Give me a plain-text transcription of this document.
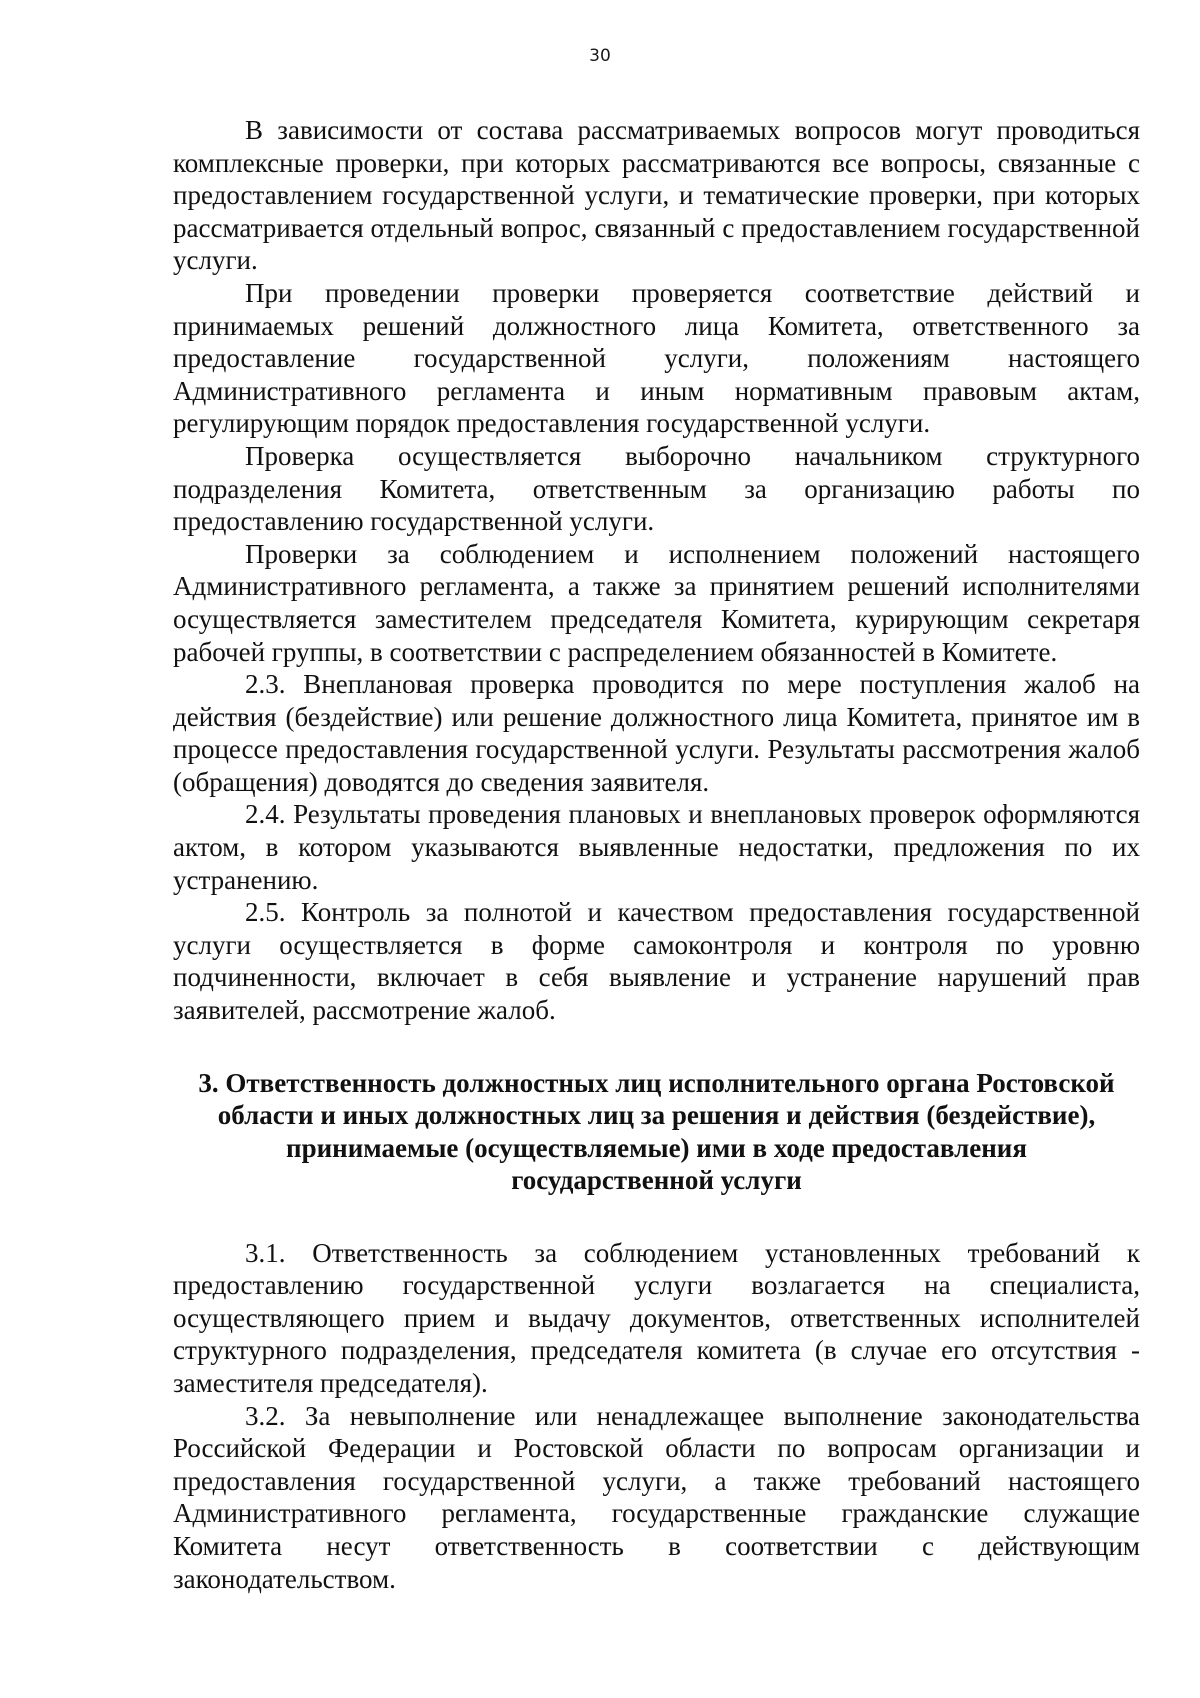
30

В зависимости от состава рассматриваемых вопросов могут проводиться комплексные проверки, при которых рассматриваются все вопросы, связанные с предоставлением государственной услуги, и тематические проверки, при которых рассматривается отдельный вопрос, связанный с предоставлением государственной услуги.

При проведении проверки проверяется соответствие действий и принимаемых решений должностного лица Комитета, ответственного за предоставление государственной услуги, положениям настоящего Административного регламента и иным нормативным правовым актам, регулирующим порядок предоставления государственной услуги.

Проверка осуществляется выборочно начальником структурного подразделения Комитета, ответственным за организацию работы по предоставлению государственной услуги.

Проверки за соблюдением и исполнением положений настоящего Административного регламента, а также за принятием решений исполнителями осуществляется заместителем председателя Комитета, курирующим секретаря рабочей группы, в соответствии с распределением обязанностей в Комитете.

2.3. Внеплановая проверка проводится по мере поступления жалоб на действия (бездействие) или решение должностного лица Комитета, принятое им в процессе предоставления государственной услуги. Результаты рассмотрения жалоб (обращения) доводятся до сведения заявителя.

2.4. Результаты проведения плановых и внеплановых проверок оформляются актом, в котором указываются выявленные недостатки, предложения по их устранению.

2.5. Контроль за полнотой и качеством предоставления государственной услуги осуществляется в форме самоконтроля и контроля по уровню подчиненности, включает в себя выявление и устранение нарушений прав заявителей, рассмотрение жалоб.

3. Ответственность должностных лиц исполнительного органа Ростовской
области и иных должностных лиц за решения и действия (бездействие),
принимаемые (осуществляемые) ими в ходе предоставления
государственной услуги

3.1. Ответственность за соблюдением установленных требований к предоставлению государственной услуги возлагается на специалиста, осуществляющего прием и выдачу документов, ответственных исполнителей структурного подразделения, председателя комитета (в случае его отсутствия - заместителя председателя).

3.2. За невыполнение или ненадлежащее выполнение законодательства Российской Федерации и Ростовской области по вопросам организации и предоставления государственной услуги, а также требований настоящего Административного регламента, государственные гражданские служащие Комитета несут ответственность в соответствии с действующим законодательством.
